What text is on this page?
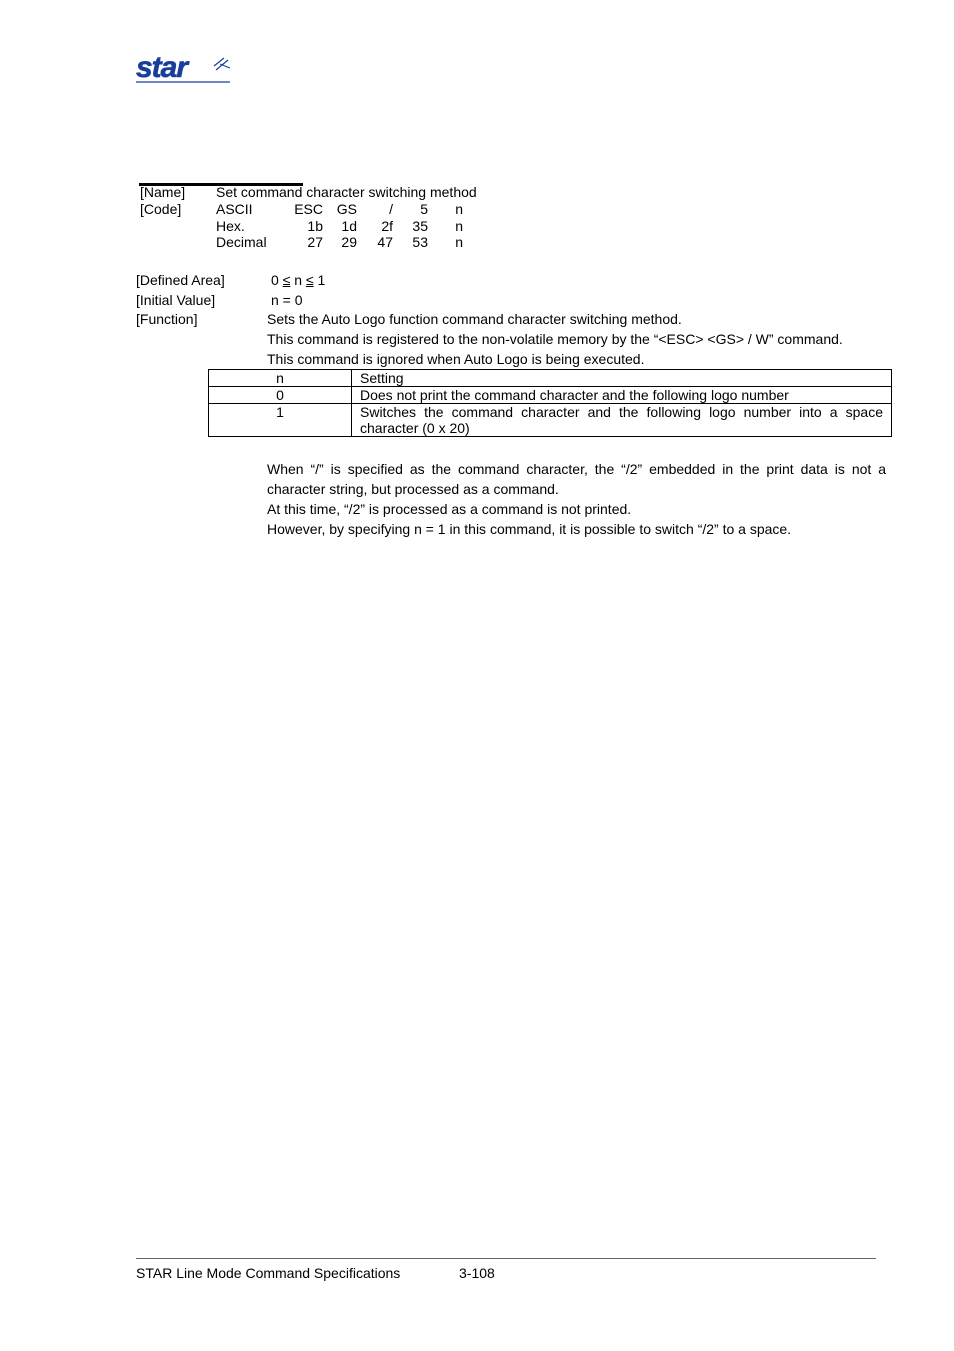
star
[Name] Set command character switching method
[Code] ASCII	ESC GS	/	5	n
Hex.	1b	1d	2f	35	n
Decimal	27	29	47	53	n
[Defined Area]	0 ≤ n ≤ 1
[Initial Value]	n = 0
[Function]	Sets the Auto Logo function command character switching method.
This command is registered to the non-volatile memory by the “<ESC> <GS> / W” command.
This command is ignored when Auto Logo is being executed.
n	Setting
0	Does not print the command character and the following logo number
1	Switches the command character and the following logo number into a space character (0 x 20)

When “/” is specified as the command character, the “/2” embedded in the print data is not a character string, but processed as a command.

At this time, “/2” is processed as a command is not printed.

However, by specifying n = 1 in this command, it is possible to switch “/2” to a space.

STAR Line Mode Command Specifications	3-108
